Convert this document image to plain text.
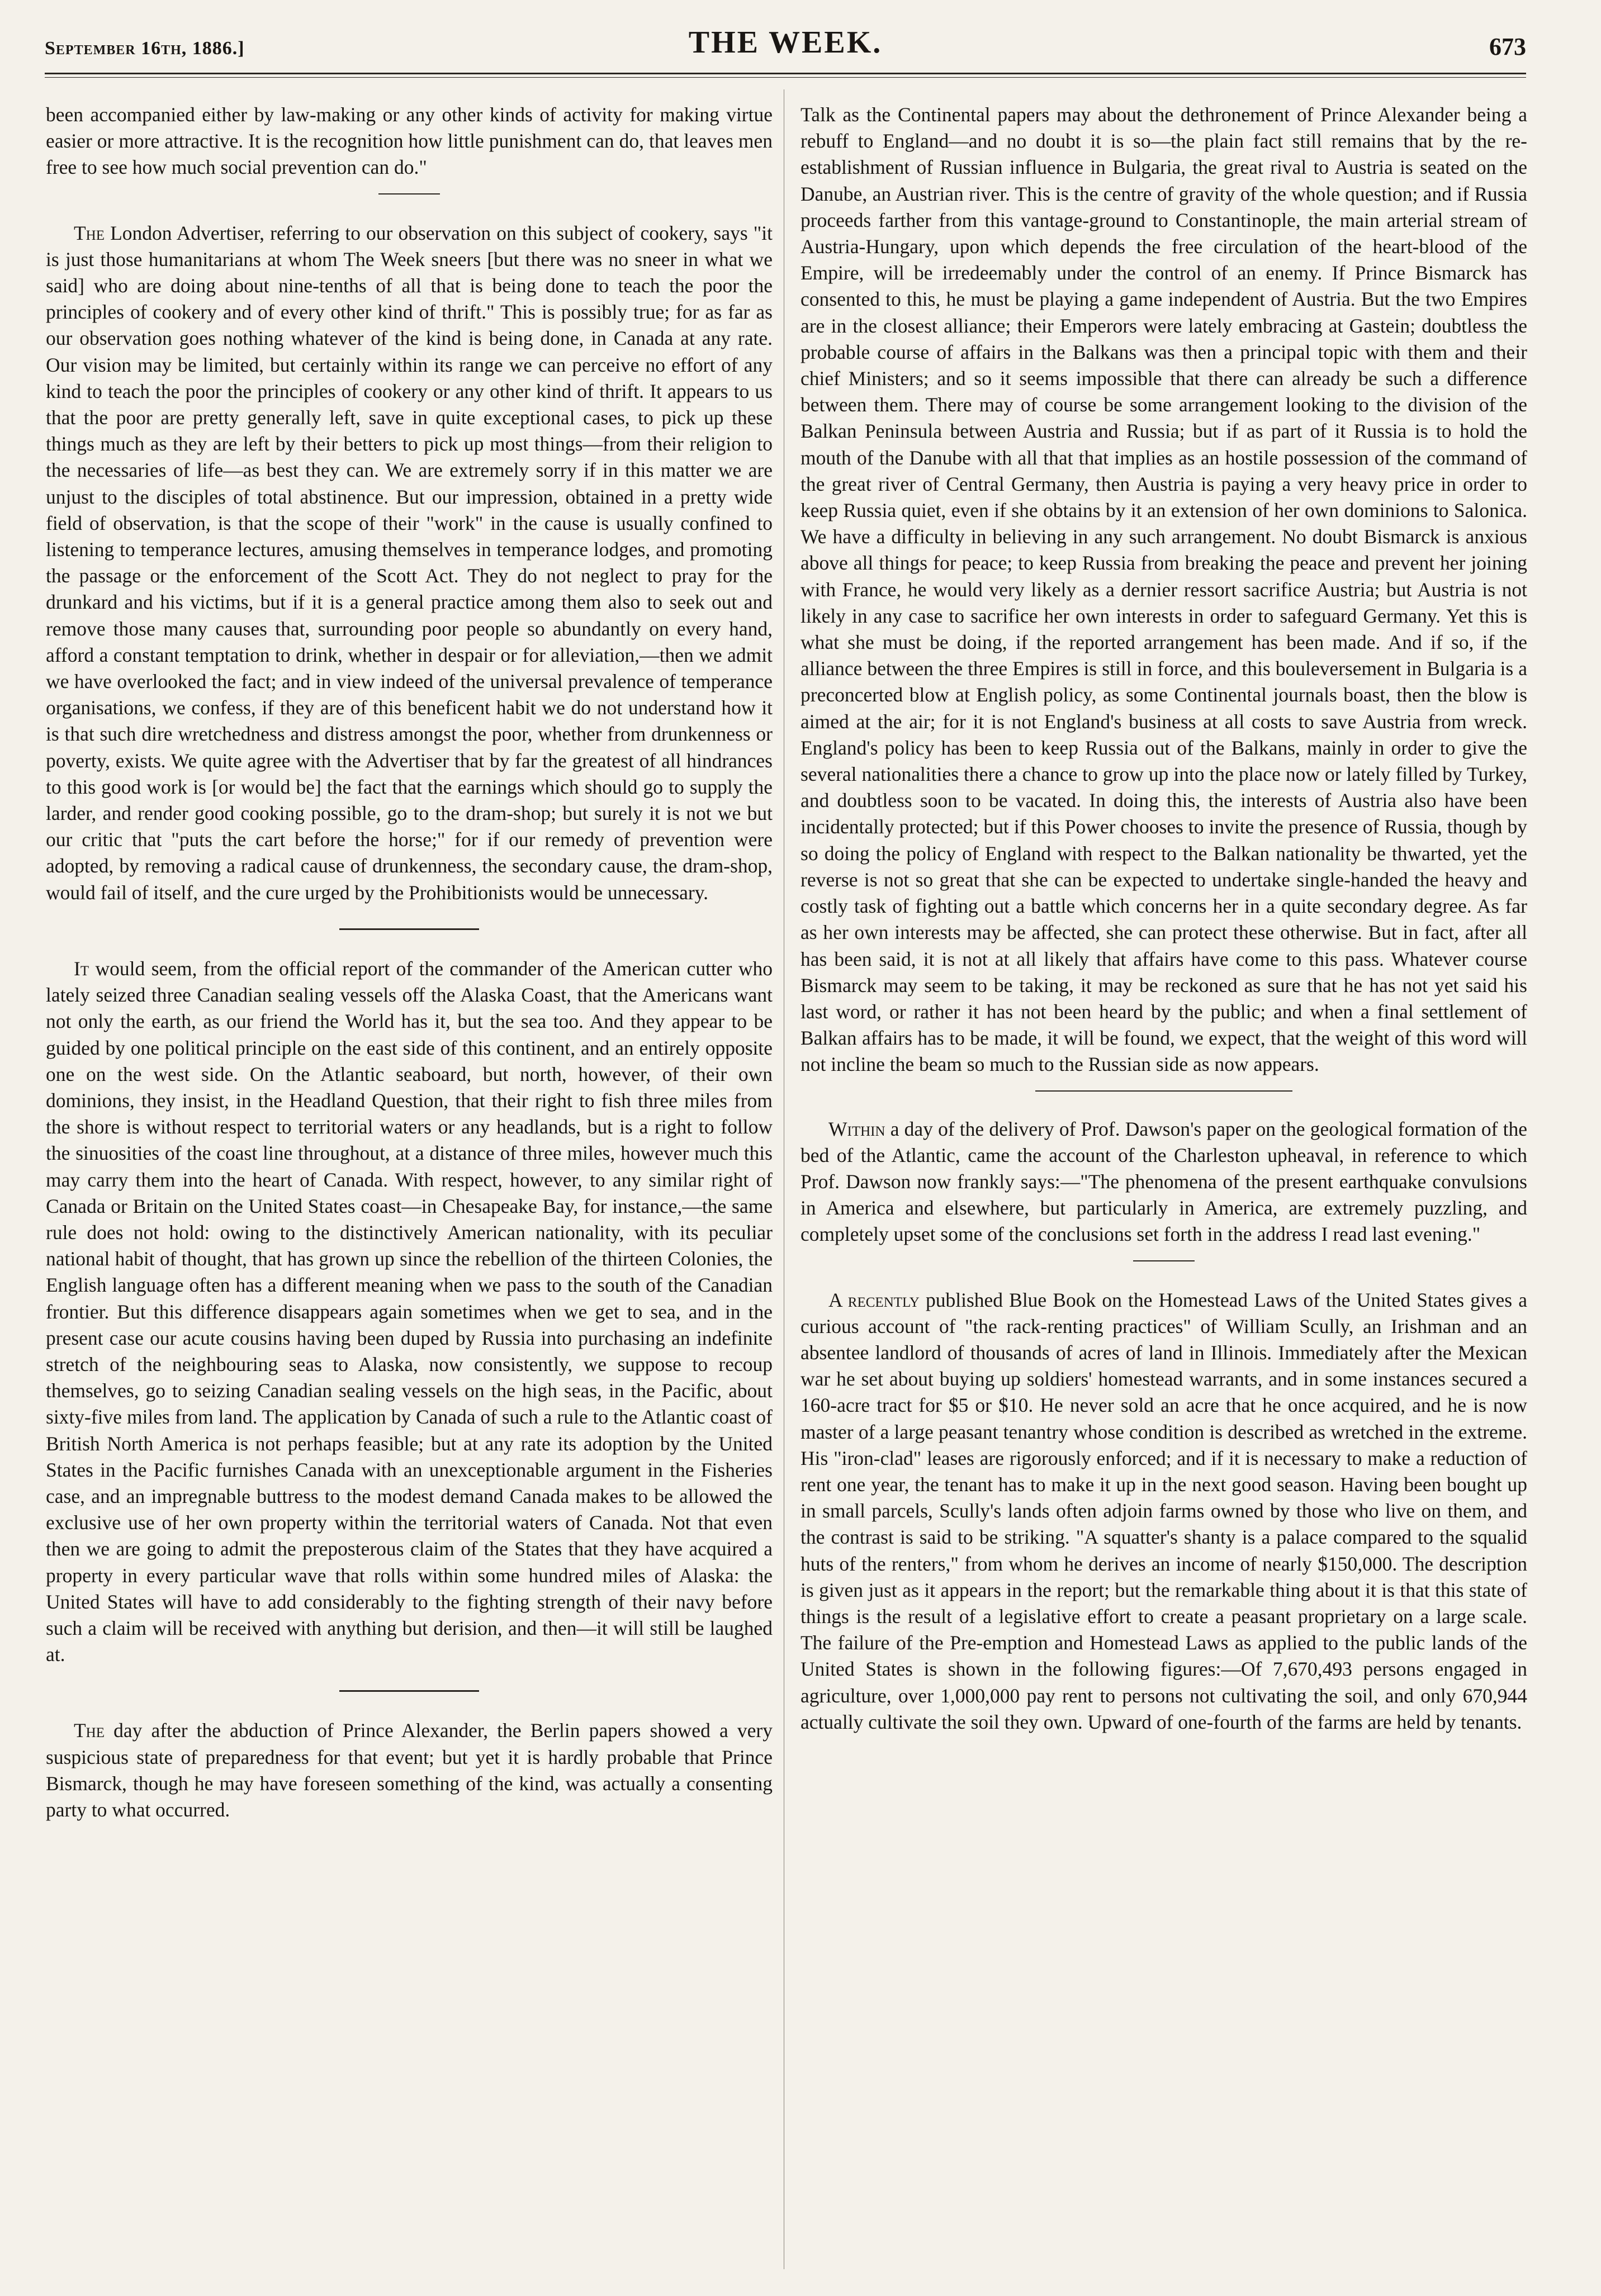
September 16th, 1886.]	THE WEEK.	673

been accompanied either by law-making or any other kinds of activity for making virtue easier or more attractive. It is the recognition how little punishment can do, that leaves men free to see how much social prevention can do."

The London Advertiser, referring to our observation on this subject of cookery, says "it is just those humanitarians at whom The Week sneers [but there was no sneer in what we said] who are doing about nine-tenths of all that is being done to teach the poor the principles of cookery and of every other kind of thrift." This is possibly true; for as far as our observation goes nothing whatever of the kind is being done, in Canada at any rate. Our vision may be limited, but certainly within its range we can perceive no effort of any kind to teach the poor the principles of cookery or any other kind of thrift. It appears to us that the poor are pretty generally left, save in quite exceptional cases, to pick up these things much as they are left by their betters to pick up most things—from their religion to the necessaries of life—as best they can. We are extremely sorry if in this matter we are unjust to the disciples of total abstinence. But our impression, obtained in a pretty wide field of observation, is that the scope of their "work" in the cause is usually confined to listening to temperance lectures, amusing themselves in temperance lodges, and promoting the passage or the enforcement of the Scott Act. They do not neglect to pray for the drunkard and his victims, but if it is a general practice among them also to seek out and remove those many causes that, surrounding poor people so abundantly on every hand, afford a constant temptation to drink, whether in despair or for alleviation,—then we admit we have overlooked the fact; and in view indeed of the universal prevalence of temperance organisations, we confess, if they are of this beneficent habit we do not understand how it is that such dire wretchedness and distress amongst the poor, whether from drunkenness or poverty, exists. We quite agree with the Advertiser that by far the greatest of all hindrances to this good work is [or would be] the fact that the earnings which should go to supply the larder, and render good cooking possible, go to the dram-shop; but surely it is not we but our critic that "puts the cart before the horse;" for if our remedy of prevention were adopted, by removing a radical cause of drunkenness, the secondary cause, the dram-shop, would fail of itself, and the cure urged by the Prohibitionists would be unnecessary.

It would seem, from the official report of the commander of the American cutter who lately seized three Canadian sealing vessels off the Alaska Coast, that the Americans want not only the earth, as our friend the World has it, but the sea too. And they appear to be guided by one political principle on the east side of this continent, and an entirely opposite one on the west side. On the Atlantic seaboard, but north, however, of their own dominions, they insist, in the Headland Question, that their right to fish three miles from the shore is without respect to territorial waters or any headlands, but is a right to follow the sinuosities of the coast line throughout, at a distance of three miles, however much this may carry them into the heart of Canada. With respect, however, to any similar right of Canada or Britain on the United States coast—in Chesapeake Bay, for instance,—the same rule does not hold: owing to the distinctively American nationality, with its peculiar national habit of thought, that has grown up since the rebellion of the thirteen Colonies, the English language often has a different meaning when we pass to the south of the Canadian frontier. But this difference disappears again sometimes when we get to sea, and in the present case our acute cousins having been duped by Russia into purchasing an indefinite stretch of the neighbouring seas to Alaska, now consistently, we suppose to recoup themselves, go to seizing Canadian sealing vessels on the high seas, in the Pacific, about sixty-five miles from land. The application by Canada of such a rule to the Atlantic coast of British North America is not perhaps feasible; but at any rate its adoption by the United States in the Pacific furnishes Canada with an unexceptionable argument in the Fisheries case, and an impregnable buttress to the modest demand Canada makes to be allowed the exclusive use of her own property within the territorial waters of Canada. Not that even then we are going to admit the preposterous claim of the States that they have acquired a property in every particular wave that rolls within some hundred miles of Alaska: the United States will have to add considerably to the fighting strength of their navy before such a claim will be received with anything but derision, and then—it will still be laughed at.

The day after the abduction of Prince Alexander, the Berlin papers showed a very suspicious state of preparedness for that event; but yet it is hardly probable that Prince Bismarck, though he may have foreseen something of the kind, was actually a consenting party to what occurred.

Talk as the Continental papers may about the dethronement of Prince Alexander being a rebuff to England—and no doubt it is so—the plain fact still remains that by the re-establishment of Russian influence in Bulgaria, the great rival to Austria is seated on the Danube, an Austrian river. This is the centre of gravity of the whole question; and if Russia proceeds farther from this vantage-ground to Constantinople, the main arterial stream of Austria-Hungary, upon which depends the free circulation of the heart-blood of the Empire, will be irredeemably under the control of an enemy. If Prince Bismarck has consented to this, he must be playing a game independent of Austria. But the two Empires are in the closest alliance; their Emperors were lately embracing at Gastein; doubtless the probable course of affairs in the Balkans was then a principal topic with them and their chief Ministers; and so it seems impossible that there can already be such a difference between them. There may of course be some arrangement looking to the division of the Balkan Peninsula between Austria and Russia; but if as part of it Russia is to hold the mouth of the Danube with all that that implies as an hostile possession of the command of the great river of Central Germany, then Austria is paying a very heavy price in order to keep Russia quiet, even if she obtains by it an extension of her own dominions to Salonica. We have a difficulty in believing in any such arrangement. No doubt Bismarck is anxious above all things for peace; to keep Russia from breaking the peace and prevent her joining with France, he would very likely as a dernier ressort sacrifice Austria; but Austria is not likely in any case to sacrifice her own interests in order to safeguard Germany. Yet this is what she must be doing, if the reported arrangement has been made. And if so, if the alliance between the three Empires is still in force, and this bouleversement in Bulgaria is a preconcerted blow at English policy, as some Continental journals boast, then the blow is aimed at the air; for it is not England's business at all costs to save Austria from wreck. England's policy has been to keep Russia out of the Balkans, mainly in order to give the several nationalities there a chance to grow up into the place now or lately filled by Turkey, and doubtless soon to be vacated. In doing this, the interests of Austria also have been incidentally protected; but if this Power chooses to invite the presence of Russia, though by so doing the policy of England with respect to the Balkan nationality be thwarted, yet the reverse is not so great that she can be expected to undertake single-handed the heavy and costly task of fighting out a battle which concerns her in a quite secondary degree. As far as her own interests may be affected, she can protect these otherwise. But in fact, after all has been said, it is not at all likely that affairs have come to this pass. Whatever course Bismarck may seem to be taking, it may be reckoned as sure that he has not yet said his last word, or rather it has not been heard by the public; and when a final settlement of Balkan affairs has to be made, it will be found, we expect, that the weight of this word will not incline the beam so much to the Russian side as now appears.

Within a day of the delivery of Prof. Dawson's paper on the geological formation of the bed of the Atlantic, came the account of the Charleston upheaval, in reference to which Prof. Dawson now frankly says:—"The phenomena of the present earthquake convulsions in America and elsewhere, but particularly in America, are extremely puzzling, and completely upset some of the conclusions set forth in the address I read last evening."

A recently published Blue Book on the Homestead Laws of the United States gives a curious account of "the rack-renting practices" of William Scully, an Irishman and an absentee landlord of thousands of acres of land in Illinois. Immediately after the Mexican war he set about buying up soldiers' homestead warrants, and in some instances secured a 160-acre tract for $5 or $10. He never sold an acre that he once acquired, and he is now master of a large peasant tenantry whose condition is described as wretched in the extreme. His "iron-clad" leases are rigorously enforced; and if it is necessary to make a reduction of rent one year, the tenant has to make it up in the next good season. Having been bought up in small parcels, Scully's lands often adjoin farms owned by those who live on them, and the contrast is said to be striking. "A squatter's shanty is a palace compared to the squalid huts of the renters," from whom he derives an income of nearly $150,000. The description is given just as it appears in the report; but the remarkable thing about it is that this state of things is the result of a legislative effort to create a peasant proprietary on a large scale. The failure of the Pre-emption and Homestead Laws as applied to the public lands of the United States is shown in the following figures:—Of 7,670,493 persons engaged in agriculture, over 1,000,000 pay rent to persons not cultivating the soil, and only 670,944 actually cultivate the soil they own. Upward of one-fourth of the farms are held by tenants.
